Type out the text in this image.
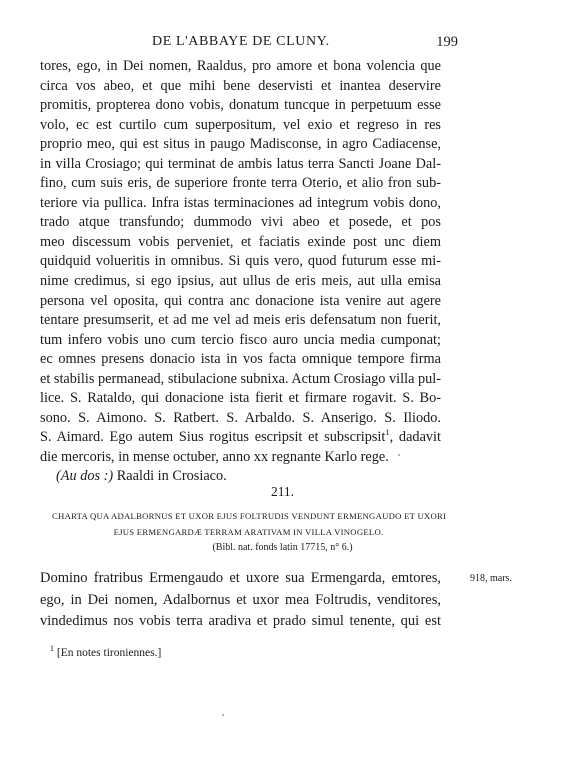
DE L'ABBAYE DE CLUNY.	199
tores, ego, in Dei nomen, Raaldus, pro amore et bona volencia que
circa vos abeo, et que mihi bene deservisti et inantea deservire
promitis, propterea dono vobis, donatum tuncque in perpetuum esse
volo, ec est curtilo cum superpositum, vel exio et regreso in res
proprio meo, qui est situs in paugo Madisconse, in agro Cadiacense,
in villa Crosiago; qui terminat de ambis latus terra Sancti Joane Dal-
fino, cum suis eris, de superiore fronte terra Oterio, et alio fron sub-
teriore via pullica. Infra istas terminaciones ad integrum vobis dono,
trado atque transfundo; dummodo vivi abeo et posede, et pos
meo discessum vobis perveniet, et faciatis exinde post unc diem
quidquid volueritis in omnibus. Si quis vero, quod futurum esse mi-
nime credimus, si ego ipsius, aut ullus de eris meis, aut ulla emisa
persona vel oposita, qui contra anc donacione ista venire aut agere
tentare presumserit, et ad me vel ad meis eris defensatum non fuerit,
tum infero vobis uno cum tercio fisco auro uncia media cumponat;
ec omnes presens donacio ista in vos facta omnique tempore firma
et stabilis permanead, stibulacione subnixa. Actum Crosiago villa pul-
lice. S. Rataldo, qui donacione ista fierit et firmare rogavit. S. Bo-
sono. S. Aimono. S. Ratbert. S. Arbaldo. S. Anserigo. S. Iliodo.
S. Aimard. Ego autem Sius rogitus escripsit et subscripsit$^1$, dadavit
die mercoris, in mense octuber, anno xx regnante Karlo rege.
(Au dos :) Raaldi in Crosiaco.
211.
CHARTA QUA ADALBORNUS ET UXOR EJUS FOLTRUDIS VENDUNT ERMENGAUDO ET UXORI
EJUS ERMENGARDÆ TERRAM ARATIVAM IN VILLA VINOGELO.
(Bibl. nat. fonds latin 17715, n° 6.)
Domino fratribus Ermengaudo et uxore sua Ermengarda, emtores,
ego, in Dei nomen, Adalbornus et uxor mea Foltrudis, venditores,
vindedimus nos vobis terra aradiva et prado simul tenente, qui est
918, mars.
$^1$ [En notes tironiennes.]
